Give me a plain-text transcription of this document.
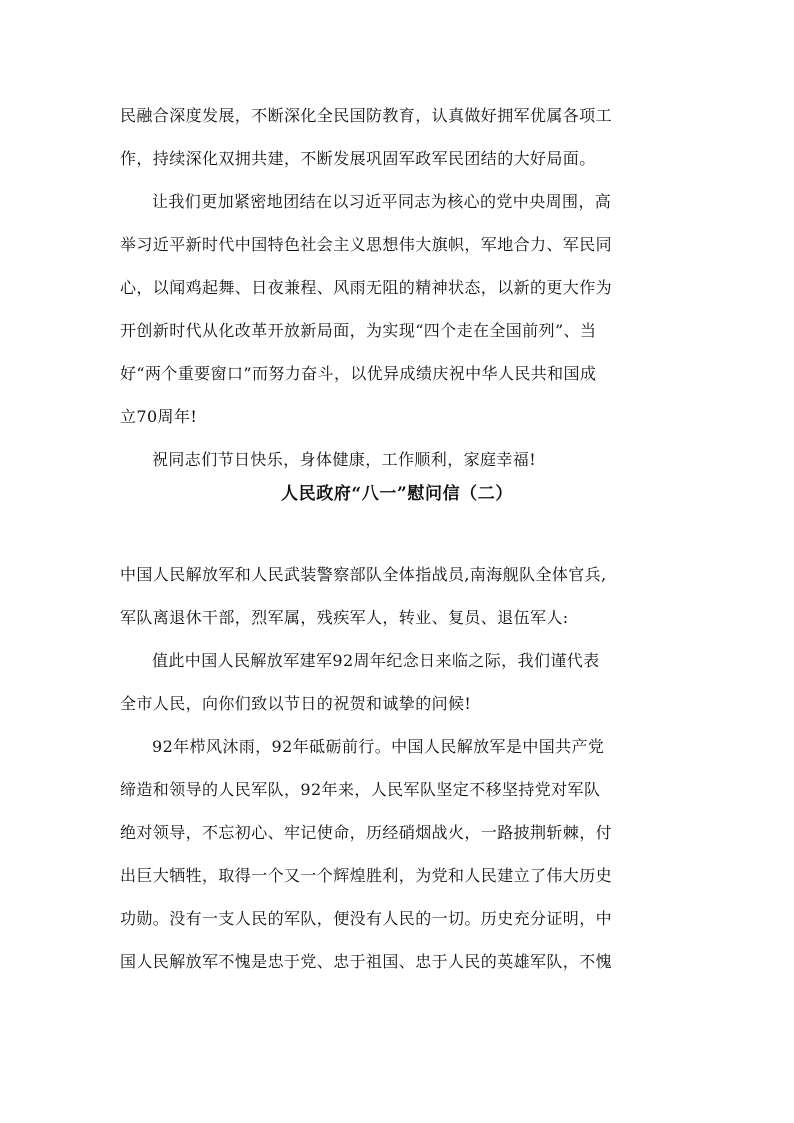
民融合深度发展，不断深化全民国防教育，认真做好拥军优属各项工
作，持续深化双拥共建，不断发展巩固军政军民团结的大好局面。
让我们更加紧密地团结在以习近平同志为核心的党中央周围，高
举习近平新时代中国特色社会主义思想伟大旗帜，军地合力、军民同
心，以闻鸡起舞、日夜兼程、风雨无阻的精神状态，以新的更大作为
开创新时代从化改革开放新局面，为实现“四个走在全国前列”、当
好“两个重要窗口”而努力奋斗，以优异成绩庆祝中华人民共和国成
立70周年!
祝同志们节日快乐，身体健康，工作顺利，家庭幸福!
人民政府“八一”慰问信（二）
中国人民解放军和人民武装警察部队全体指战员,南海舰队全体官兵,
军队离退休干部，烈军属，残疾军人，转业、复员、退伍军人:
值此中国人民解放军建军92周年纪念日来临之际，我们谨代表
全市人民，向你们致以节日的祝贺和诚挚的问候!
92年栉风沐雨，92年砥砺前行。中国人民解放军是中国共产党
缔造和领导的人民军队，92年来，人民军队坚定不移坚持党对军队
绝对领导，不忘初心、牢记使命，历经硝烟战火，一路披荆斩棘，付
出巨大牺牲，取得一个又一个辉煌胜利，为党和人民建立了伟大历史
功勋。没有一支人民的军队，便没有人民的一切。历史充分证明，中
国人民解放军不愧是忠于党、忠于祖国、忠于人民的英雄军队，不愧
